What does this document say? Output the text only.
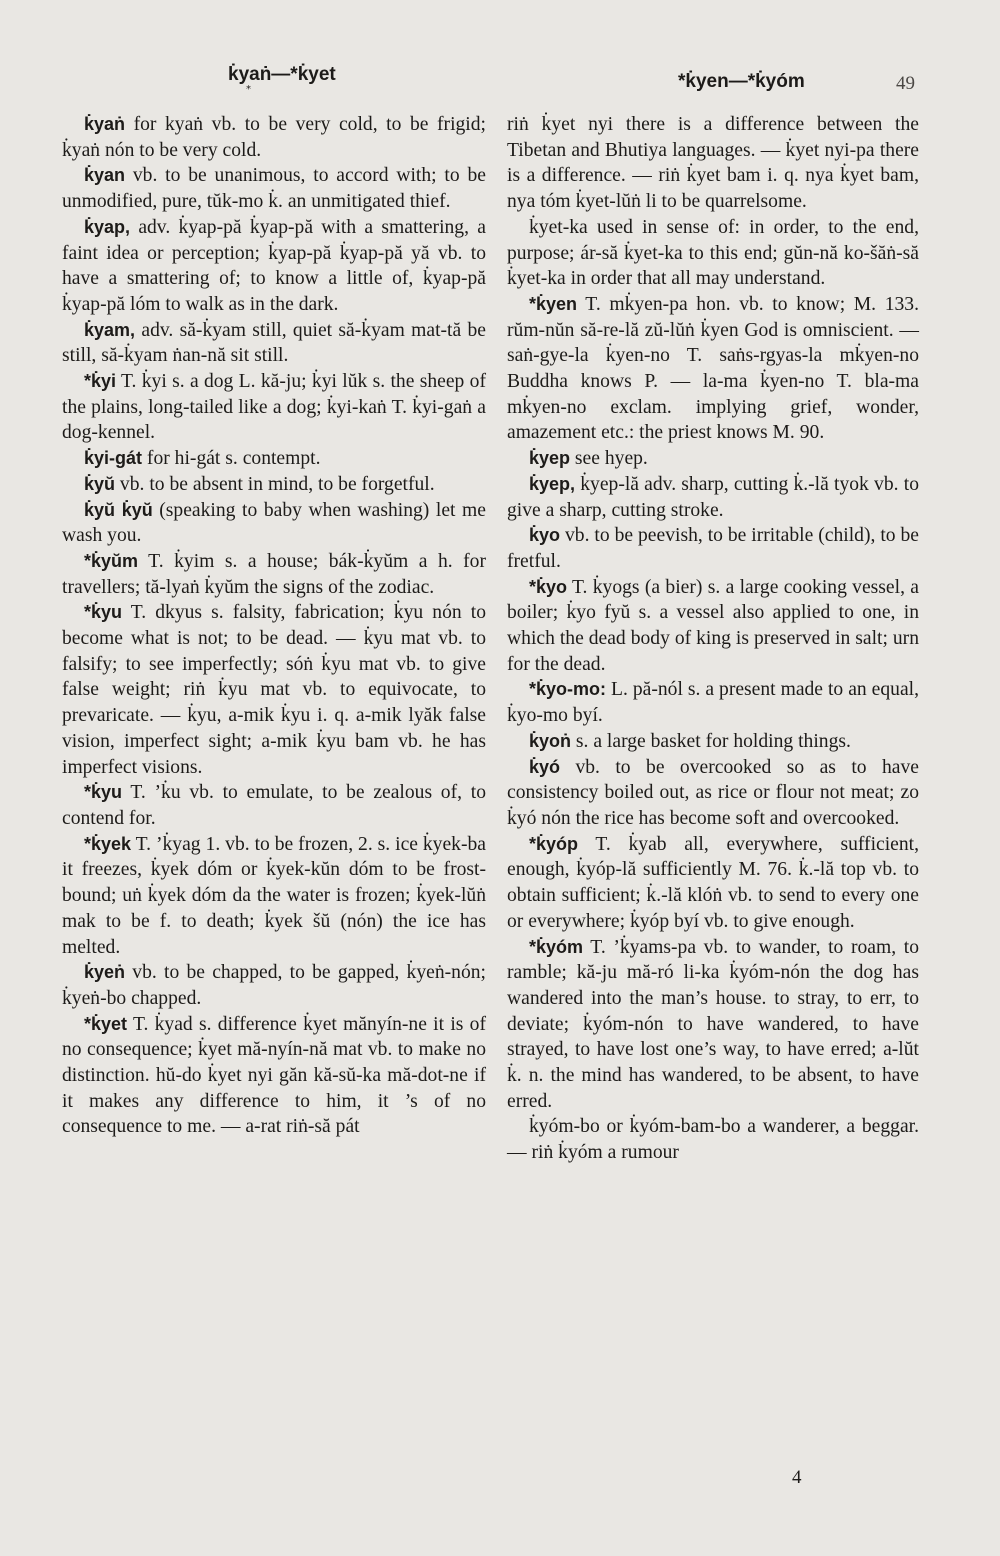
k̇yaṅ—*k̇yet
*	*k̇yen—*k̇yóm	49

k̇yaṅ for kyaṅ vb. to be very cold, to be frigid; k̇yaṅ nón to be very cold.

k̇yan vb. to be unanimous, to accord with; to be unmodified, pure, tŭk-mo k̇. an unmitigated thief.

k̇yap, adv. k̇yap-pă k̇yap-pă with a smattering, a faint idea or perception; k̇yap-pă k̇yap-pă yă vb. to have a smattering of; to know a little of, k̇yap-pă k̇yap-pă lóm to walk as in the dark.

k̇yam, adv. să-k̇yam still, quiet să-k̇yam mat-tă be still, să-k̇yam ṅan-nă sit still.

*k̇yi T. k̇yi s. a dog L. kă-ju; k̇yi lŭk s. the sheep of the plains, long-tailed like a dog; k̇yi-kaṅ T. k̇yi-gaṅ a dog-kennel.

k̇yi-gát for hi-gát s. contempt.

k̇yŭ vb. to be absent in mind, to be forgetful.

k̇yŭ k̇yŭ (speaking to baby when washing) let me wash you.

*k̇yŭm T. k̇yim s. a house; bák-k̇yŭm a h. for travellers; tă-lyaṅ k̇yŭm the signs of the zodiac.

*k̇yu T. dkyus s. falsity, fabrication; k̇yu nón to become what is not; to be dead. — k̇yu mat vb. to falsify; to see imperfectly; sóṅ k̇yu mat vb. to give false weight; riṅ k̇yu mat vb. to equivocate, to prevaricate. — k̇yu, a-mik k̇yu i. q. a-mik lyăk false vision, imperfect sight; a-mik k̇yu bam vb. he has imperfect visions.

*k̇yu T. ’k̇u vb. to emulate, to be zealous of, to contend for.

*k̇yek T. ’k̇yag 1. vb. to be frozen, 2. s. ice k̇yek-ba it freezes, k̇yek dóm or k̇yek-kŭn dóm to be frost-bound; uṅ k̇yek dóm da the water is frozen; k̇yek-lŭṅ mak to be f. to death; k̇yek šŭ (nón) the ice has melted.

k̇yeṅ vb. to be chapped, to be gapped, k̇yeṅ-nón; k̇yeṅ-bo chapped.

*k̇yet T. k̇yad s. difference k̇yet mănyín-ne it is of no consequence; k̇yet mă-nyín-nă mat vb. to make no distinction. hŭ-do k̇yet nyi găn kă-sŭ-ka mă-dot-ne if it makes any difference to him, it ’s of no consequence to me. — a-rat riṅ-să pát

riṅ k̇yet nyi there is a difference between the Tibetan and Bhutiya languages. — k̇yet nyi-pa there is a difference. — riṅ k̇yet bam i. q. nya k̇yet bam, nya tóm k̇yet-lŭṅ li to be quarrelsome.

k̇yet-ka used in sense of: in order, to the end, purpose; ár-să k̇yet-ka to this end; gŭn-nă ko-šăṅ-să k̇yet-ka in order that all may understand.

*k̇yen T. mk̇yen-pa hon. vb. to know; M. 133. rŭm-nŭn să-re-lă zŭ-lŭṅ k̇yen God is omniscient. — saṅ-gye-la k̇yen-no T. saṅs-rgyas-la mk̇yen-no Buddha knows P. — la-ma k̇yen-no T. bla-ma mk̇yen-no exclam. implying grief, wonder, amazement etc.: the priest knows M. 90.

k̇yep see hyep.

k̇yep, k̇yep-lă adv. sharp, cutting k̇.-lă tyok vb. to give a sharp, cutting stroke.

k̇yo vb. to be peevish, to be irritable (child), to be fretful.

*k̇yo T. k̇yogs (a bier) s. a large cooking vessel, a boiler; k̇yo fyŭ s. a vessel also applied to one, in which the dead body of king is preserved in salt; urn for the dead.

*k̇yo-mo: L. pă-nól s. a present made to an equal, k̇yo-mo byí.

k̇yoṅ s. a large basket for holding things.

k̇yó vb. to be overcooked so as to have consistency boiled out, as rice or flour not meat; zo k̇yó nón the rice has become soft and overcooked.

*k̇yóp T. k̇yab all, everywhere, sufficient, enough, k̇yóp-lă sufficiently M. 76. k̇.-lă top vb. to obtain sufficient; k̇.-lă klóṅ vb. to send to every one or everywhere; k̇yóp byí vb. to give enough.

*k̇yóm T. ’k̇yams-pa vb. to wander, to roam, to ramble; kă-ju mă-ró li-ka k̇yóm-nón the dog has wandered into the man’s house. to stray, to err, to deviate; k̇yóm-nón to have wandered, to have strayed, to have lost one’s way, to have erred; a-lŭt k̇. n. the mind has wandered, to be absent, to have erred.

k̇yóm-bo or k̇yóm-bam-bo a wanderer, a beggar. — riṅ k̇yóm a rumour

4
